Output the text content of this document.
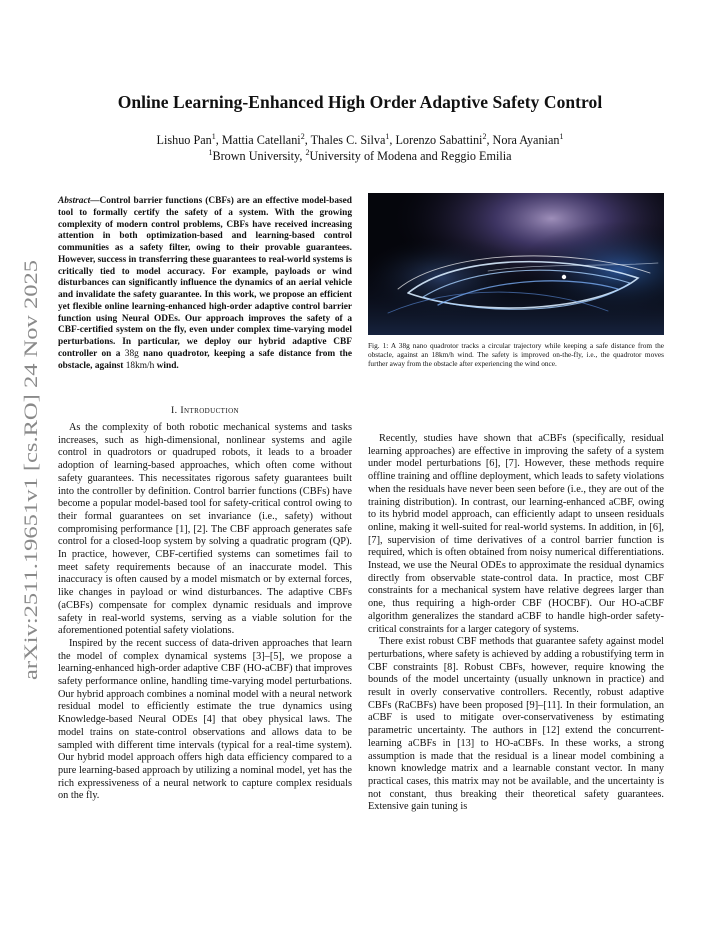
arXiv:2511.19651v1 [cs.RO] 24 Nov 2025
Online Learning-Enhanced High Order Adaptive Safety Control
Lishuo Pan$^1$, Mattia Catellani$^2$, Thales C. Silva$^1$, Lorenzo Sabattini$^2$, Nora Ayanian$^1$
$^1$Brown University, $^2$University of Modena and Reggio Emilia

Abstract—Control barrier functions (CBFs) are an effective model-based tool to formally certify the safety of a system. With the growing complexity of modern control problems, CBFs have received increasing attention in both optimization-based and learning-based control communities as a safety filter, owing to their provable guarantees. However, success in transferring these guarantees to real-world systems is critically tied to model accuracy. For example, payloads or wind disturbances can significantly influence the dynamics of an aerial vehicle and invalidate the safety guarantee. In this work, we propose an efficient yet flexible online learning-enhanced high-order adaptive control barrier function using Neural ODEs. Our approach improves the safety of a CBF-certified system on the fly, even under complex time-varying model perturbations. In particular, we deploy our hybrid adaptive CBF controller on a 38g nano quadrotor, keeping a safe distance from the obstacle, against 18km/h wind.

Fig. 1: A 38g nano quadrotor tracks a circular trajectory while keeping a safe distance from the obstacle, against an 18km/h wind. The safety is improved on-the-fly, i.e., the quadrotor moves further away from the obstacle after experiencing the wind once.

I. Introduction

As the complexity of both robotic mechanical systems and tasks increases, such as high-dimensional, nonlinear systems and agile control in quadrotors or quadruped robots, it leads to a broader adoption of learning-based approaches, which often come without safety guarantees. This necessitates rigorous safety guarantees built into the controller by definition. Control barrier functions (CBFs) have become a popular model-based tool for safety-critical control owing to their formal guarantees on set invariance (i.e., safety) without compromising performance [1], [2]. The CBF approach generates safe control for a closed-loop system by solving a quadratic program (QP). In practice, however, CBF-certified systems can sometimes fail to meet safety requirements because of an inaccurate model. This inaccuracy is often caused by a model mismatch or by external forces, like changes in payload or wind disturbances. The adaptive CBFs (aCBFs) compensate for complex dynamic residuals and improve safety in real-world systems, serving as a viable solution for the aforementioned potential safety violations.

Inspired by the recent success of data-driven approaches that learn the model of complex dynamical systems [3]–[5], we propose a learning-enhanced high-order adaptive CBF (HO-aCBF) that improves safety performance online, handling time-varying model perturbations. Our hybrid approach combines a nominal model with a neural network residual model to efficiently estimate the true dynamics using Knowledge-based Neural ODEs [4] that obey physical laws. The model trains on state-control observations and allows data to be sampled with different time intervals (typical for a real-time system). Our hybrid model approach offers high data efficiency compared to a pure learning-based approach by utilizing a nominal model, yet has the rich expressiveness of a neural network to capture complex residuals on the fly.

Recently, studies have shown that aCBFs (specifically, residual learning approaches) are effective in improving the safety of a system under model perturbations [6], [7]. However, these methods require offline training and offline deployment, which leads to safety violations when the residuals have never been seen before (i.e., they are out of the training distribution). In contrast, our learning-enhanced aCBF, owing to its hybrid model approach, can efficiently adapt to unseen residuals online, making it well-suited for real-world systems. In addition, in [6], [7], supervision of time derivatives of a control barrier function is required, which is often obtained from noisy numerical differentiations. Instead, we use the Neural ODEs to approximate the residual dynamics directly from observable state-control data. In practice, most CBF constraints for a mechanical system have relative degrees larger than one, thus requiring a high-order CBF (HOCBF). Our HO-aCBF algorithm generalizes the standard aCBF to handle high-order safety-critical constraints for a larger category of systems.

There exist robust CBF methods that guarantee safety against model perturbations, where safety is achieved by adding a robustifying term in CBF constraints [8]. Robust CBFs, however, require knowing the bounds of the model uncertainty (usually unknown in practice) and result in overly conservative controllers. Recently, robust adaptive CBFs (RaCBFs) have been proposed [9]–[11]. In their formulation, an aCBF is used to mitigate over-conservativeness by estimating parametric uncertainty. The authors in [12] extend the concurrent-learning aCBFs in [13] to HO-aCBFs. In these works, a strong assumption is made that the residual is a linear model combining a known knowledge matrix and a learnable constant vector. In many practical cases, this matrix may not be available, and the uncertainty is not constant, thus breaking their theoretical safety guarantees. Extensive gain tuning is
